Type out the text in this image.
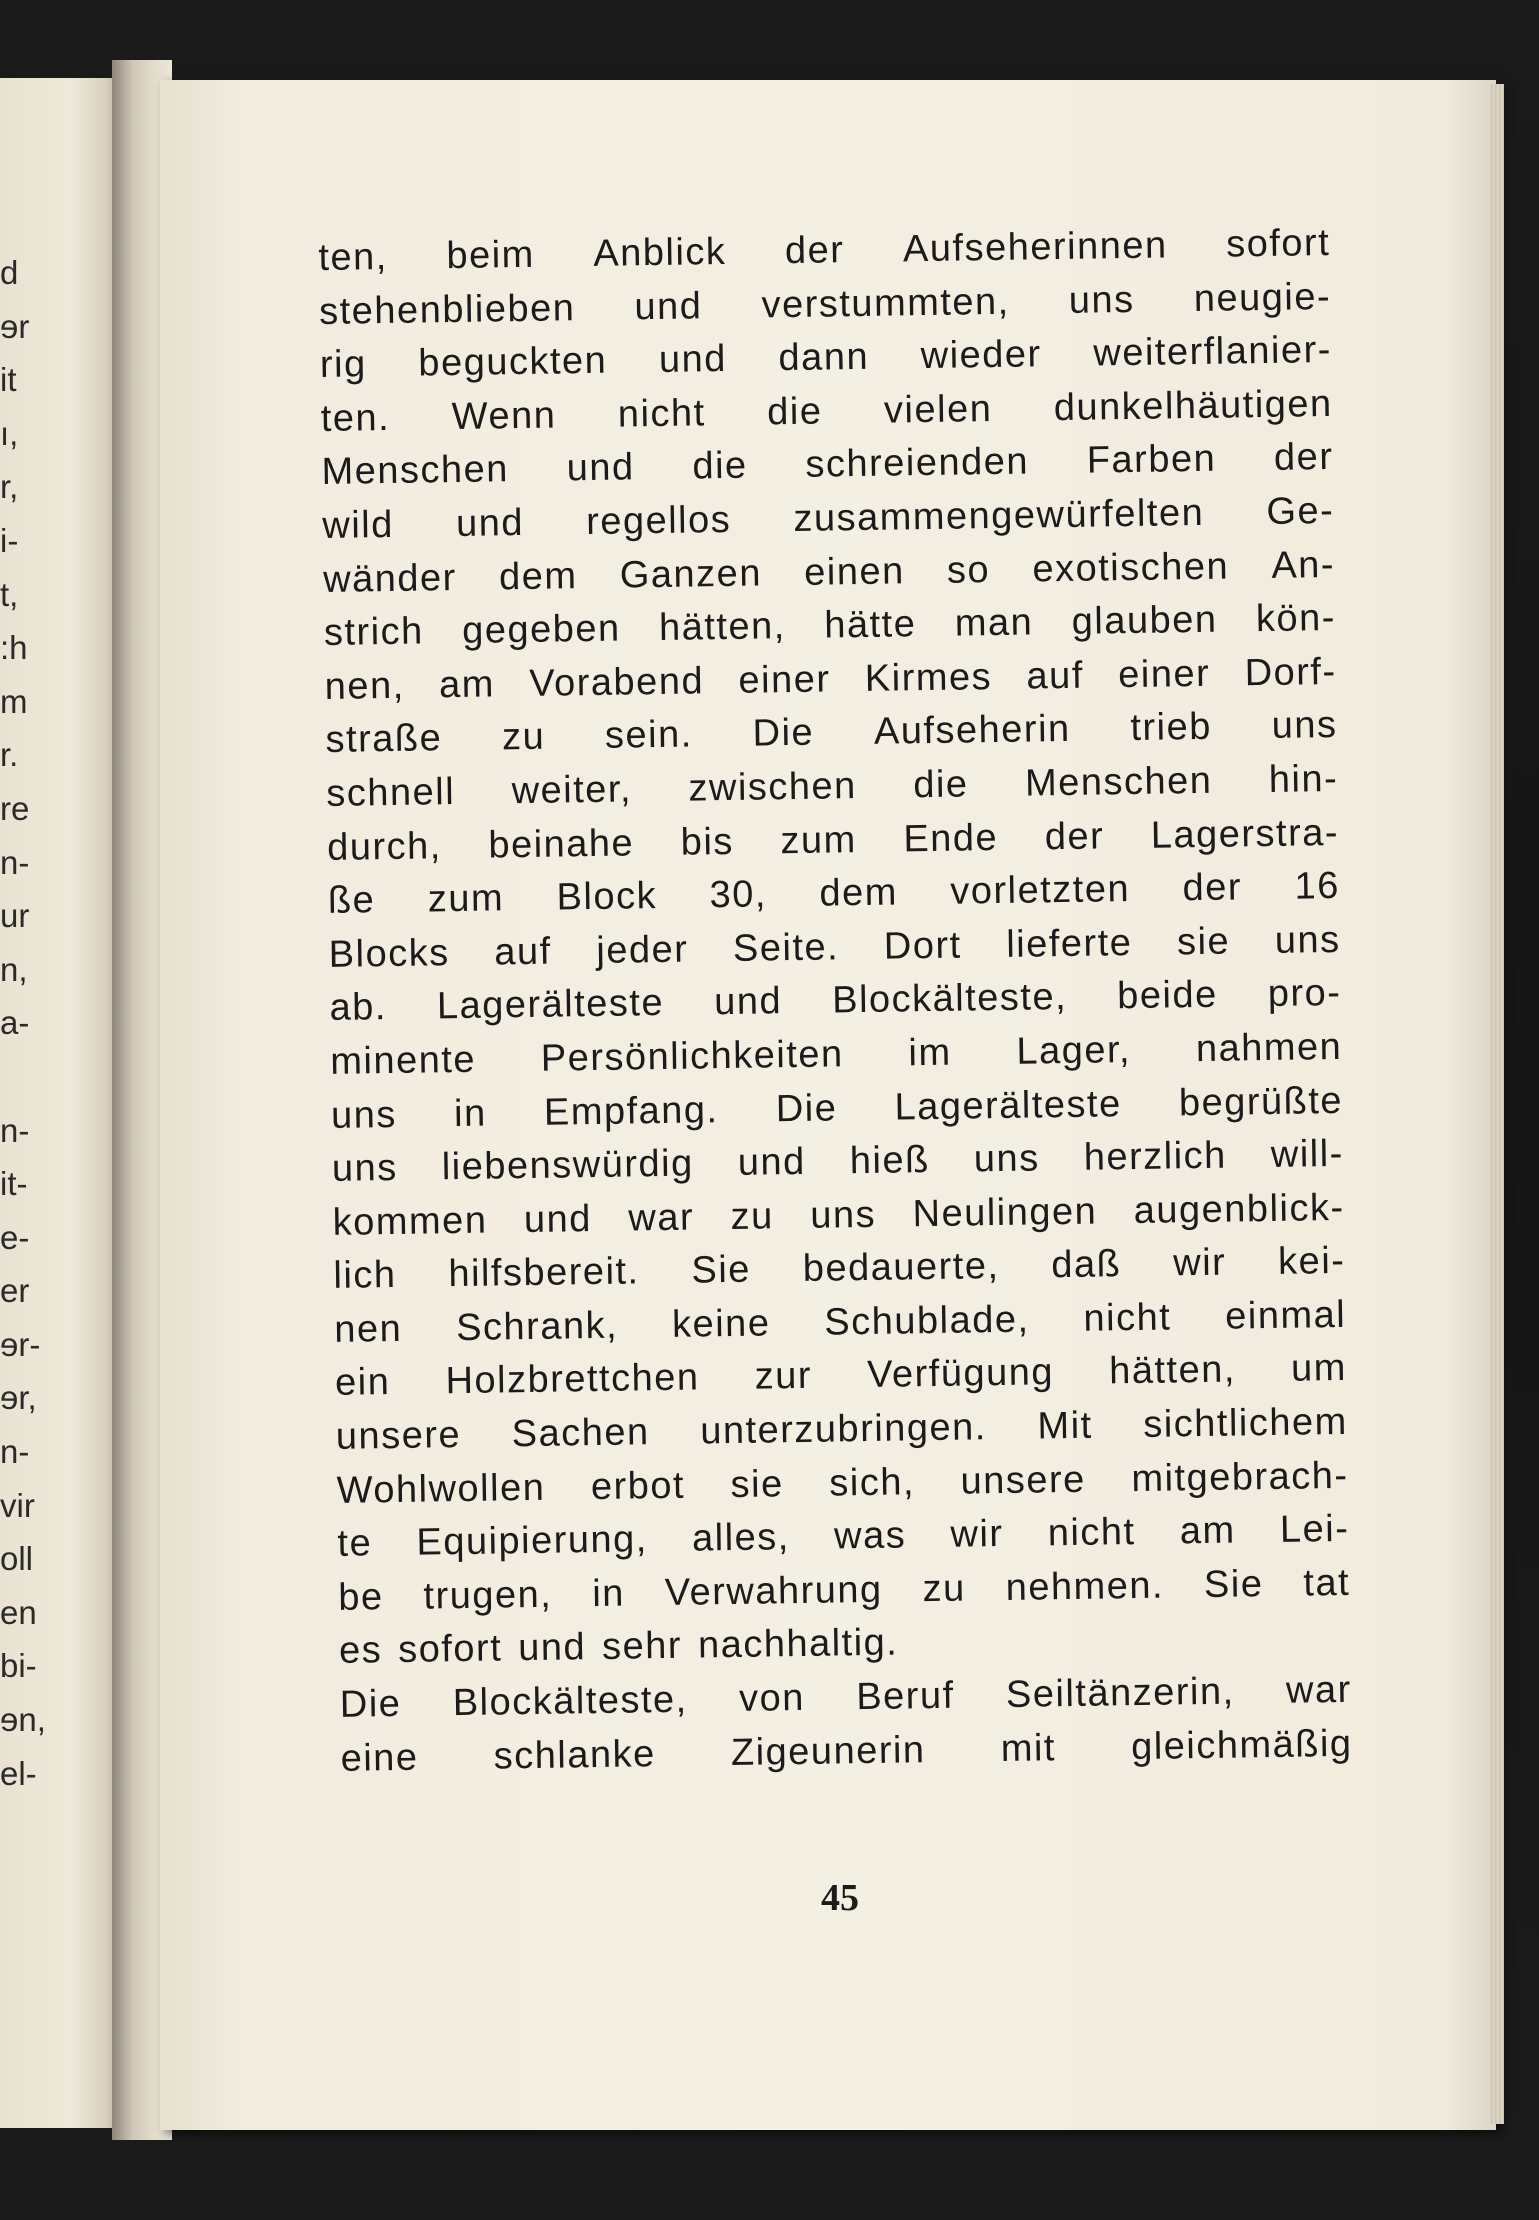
d
ɘr
it
ı,
r,
i-
t,
:h
m
r.
re
n-
ur
n,
a-
n-
it-
e-
er
ɘr-
ɘr,
n-
vir
oll
en
bi-
ɘn,
el-
ten, beim Anblick der Aufseherinnen sofort
stehenblieben und verstummten, uns neugie-
rig beguckten und dann wieder weiterflanier-
ten. Wenn nicht die vielen dunkelhäutigen
Menschen und die schreienden Farben der
wild und regellos zusammengewürfelten Ge-
wänder dem Ganzen einen so exotischen An-
strich gegeben hätten, hätte man glauben kön-
nen, am Vorabend einer Kirmes auf einer Dorf-
straße zu sein. Die Aufseherin trieb uns
schnell weiter, zwischen die Menschen hin-
durch, beinahe bis zum Ende der Lagerstra-
ße zum Block 30, dem vorletzten der 16
Blocks auf jeder Seite. Dort lieferte sie uns
ab. Lagerälteste und Blockälteste, beide pro-
minente Persönlichkeiten im Lager, nahmen
uns in Empfang. Die Lagerälteste begrüßte
uns liebenswürdig und hieß uns herzlich will-
kommen und war zu uns Neulingen augenblick-
lich hilfsbereit. Sie bedauerte, daß wir kei-
nen Schrank, keine Schublade, nicht einmal
ein Holzbrettchen zur Verfügung hätten, um
unsere Sachen unterzubringen. Mit sichtlichem
Wohlwollen erbot sie sich, unsere mitgebrach-
te Equipierung, alles, was wir nicht am Lei-
be trugen, in Verwahrung zu nehmen. Sie tat
es sofort und sehr nachhaltig.
Die Blockälteste, von Beruf Seiltänzerin, war
eine schlanke Zigeunerin mit gleichmäßig
45
